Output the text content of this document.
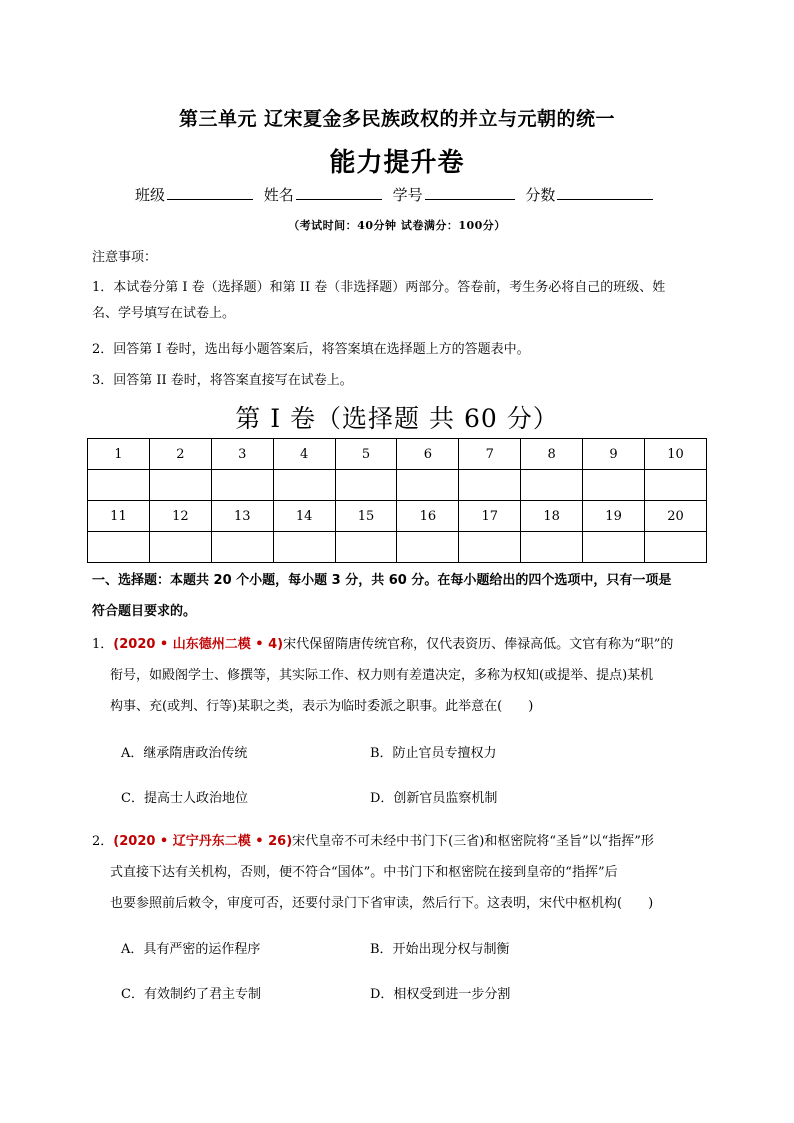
第三单元 辽宋夏金多民族政权的并立与元朝的统一
能力提升卷
班级	姓名	学号	分数
（考试时间：40分钟 试卷满分：100分）
注意事项：
1．本试卷分第 I 卷（选择题）和第 II 卷（非选择题）两部分。答卷前，考生务必将自己的班级、姓
名、学号填写在试卷上。
2．回答第 I 卷时，选出每小题答案后，将答案填在选择题上方的答题表中。
3．回答第 II 卷时，将答案直接写在试卷上。
第 I 卷（选择题 共 60 分）
1	2	3	4	5	6	7	8	9	10

11	12	13	14	15	16	17	18	19	20

一、选择题：本题共 20 个小题，每小题 3 分，共 60 分。在每小题给出的四个选项中，只有一项是
符合题目要求的。
1．(2020 • 山东德州二模 • 4)宋代保留隋唐传统官称，仅代表资历、俸禄高低。文官有称为“职”的
衔号，如殿阁学士、修撰等，其实际工作、权力则有差遣决定，多称为权知(或提举、提点)某机
构事、充(或判、行等)某职之类，表示为临时委派之职事。此举意在(　　)
A．继承隋唐政治传统	B．防止官员专擅权力
C．提高士人政治地位	D．创新官员监察机制
2．(2020 • 辽宁丹东二模 • 26)宋代皇帝不可未经中书门下(三省)和枢密院将“圣旨”以“指挥”形
式直接下达有关机构，否则，便不符合“国体”。中书门下和枢密院在接到皇帝的“指挥”后
也要参照前后敕令，审度可否，还要付录门下省审读，然后行下。这表明，宋代中枢机构(　　)
A．具有严密的运作程序	B．开始出现分权与制衡
C．有效制约了君主专制	D．相权受到进一步分割
